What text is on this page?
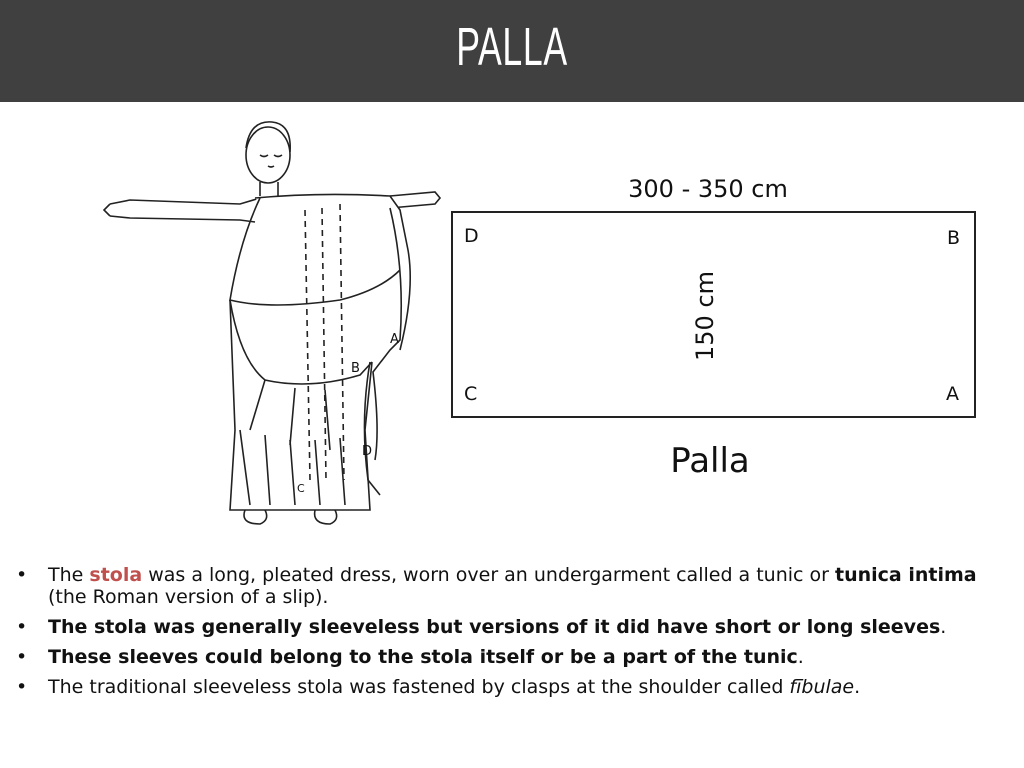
PALLA
A
B
D
C
300 - 350 cm
150 cm
D	B
C	A
Palla
• The stola was a long, pleated dress, worn over an undergarment called a tunic or tunica intima (the Roman version of a slip).
• The stola was generally sleeveless but versions of it did have short or long sleeves.
• These sleeves could belong to the stola itself or be a part of the tunic.
• The traditional sleeveless stola was fastened by clasps at the shoulder called fībulae.
